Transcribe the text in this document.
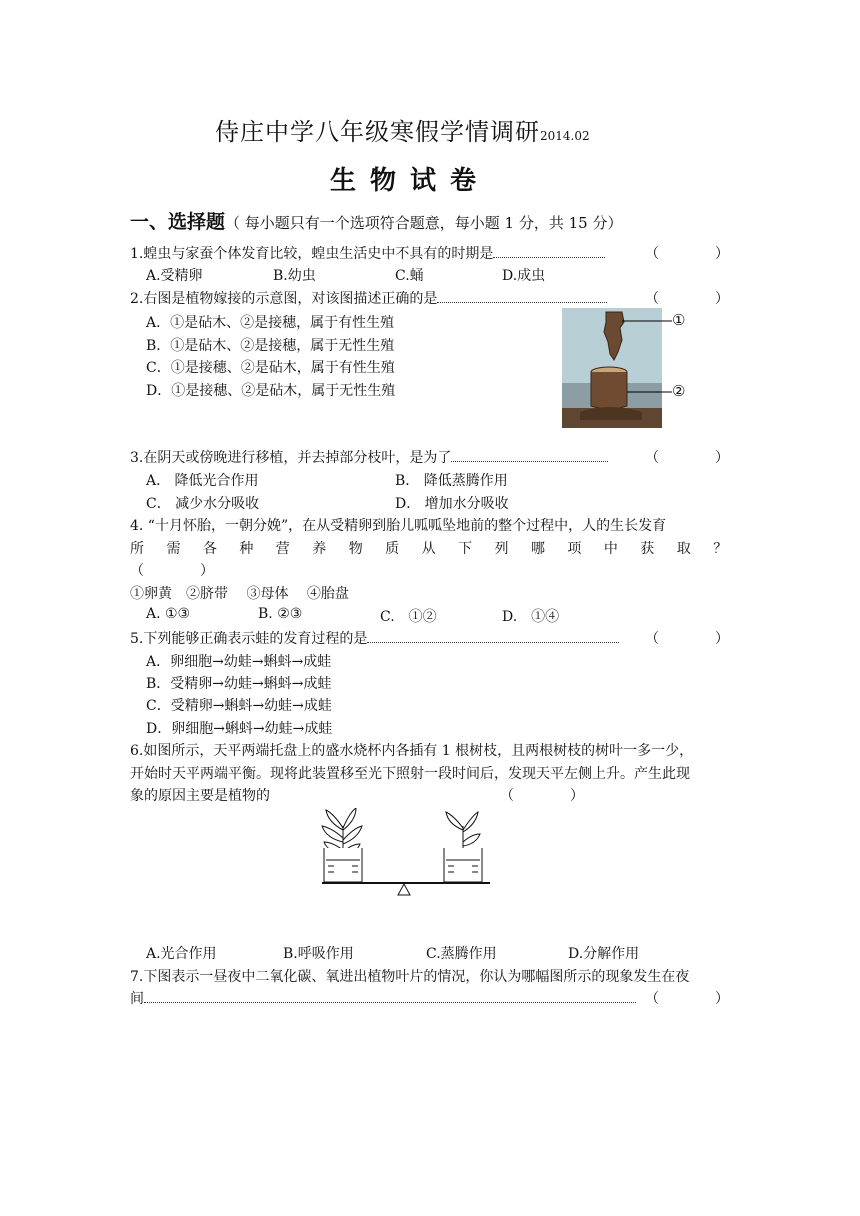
侍庄中学八年级寒假学情调研2014.02
生物试卷
一、选择题（ 每小题只有一个选项符合题意，每小题 1 分，共 15 分）
1.蝗虫与家蚕个体发育比较，蝗虫生活史中不具有的时期是	（　　　　）
A.受精卵	B.幼虫	C.蛹	D.成虫
2.右图是植物嫁接的示意图，对该图描述正确的是	（　　　　）
A．①是砧木、②是接穗，属于有性生殖
B．①是砧木、②是接穗，属于无性生殖
C．①是接穗、②是砧木，属于有性生殖
D．①是接穗、②是砧木，属于无性生殖
①
②
3.在阴天或傍晚进行移植，并去掉部分枝叶，是为了	（　　　　）
A． 降低光合作用	B． 降低蒸腾作用
C． 减少水分吸收	D． 增加水分吸收
4. “十月怀胎，一朝分娩”，在从受精卵到胎儿呱呱坠地前的整个过程中，人的生长发育
所 需 各 种 营 养 物 质 从 下 列 哪 项 中 获 取 ？
（　　　　）
①卵黄　②脐带　 ③母体　 ④胎盘
A. ①③	B. ②③	C.　①②	D.　①④
5.下列能够正确表示蛙的发育过程的是	（　　　　）
A．卵细胞→幼蛙→蝌蚪→成蛙
B．受精卵→幼蛙→蝌蚪→成蛙
C．受精卵→蝌蚪→幼蛙→成蛙
D．卵细胞→蝌蚪→幼蛙→成蛙
6.如图所示，天平两端托盘上的盛水烧杯内各插有 1 根树枝，且两根树枝的树叶一多一少，
开始时天平两端平衡。现将此装置移至光下照射一段时间后，发现天平左侧上升。产生此现
象的原因主要是植物的	（　　　　）
A.光合作用	B.呼吸作用	C.蒸腾作用	D.分解作用
7.下图表示一昼夜中二氧化碳、氧进出植物叶片的情况，你认为哪幅图所示的现象发生在夜
间	（　　　　）
